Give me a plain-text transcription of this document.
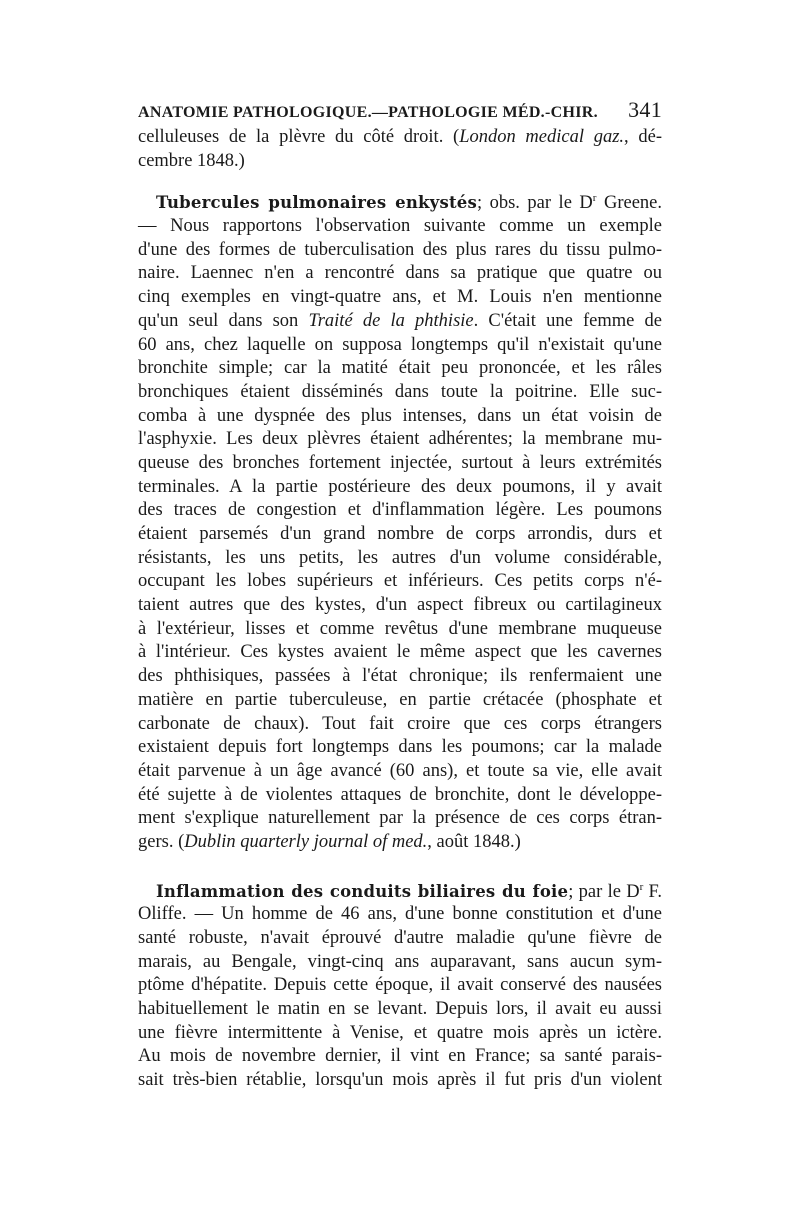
ANATOMIE PATHOLOGIQUE.—PATHOLOGIE MÉD.-CHIR. 341
celluleuses de la plèvre du côté droit. (London medical gaz., dé-
cembre 1848.)
Tubercules pulmonaires enkystés; obs. par le $D^r$ Greene.
— Nous rapportons l'observation suivante comme un exemple
d'une des formes de tuberculisation des plus rares du tissu pulmo-
naire. Laennec n'en a rencontré dans sa pratique que quatre ou
cinq exemples en vingt-quatre ans, et M. Louis n'en mentionne
qu'un seul dans son Traité de la phthisie. C'était une femme de
60 ans, chez laquelle on supposa longtemps qu'il n'existait qu'une
bronchite simple; car la matité était peu prononcée, et les râles
bronchiques étaient disséminés dans toute la poitrine. Elle suc-
comba à une dyspnée des plus intenses, dans un état voisin de
l'asphyxie. Les deux plèvres étaient adhérentes; la membrane mu-
queuse des bronches fortement injectée, surtout à leurs extrémités
terminales. A la partie postérieure des deux poumons, il y avait
des traces de congestion et d'inflammation légère. Les poumons
étaient parsemés d'un grand nombre de corps arrondis, durs et
résistants, les uns petits, les autres d'un volume considérable,
occupant les lobes supérieurs et inférieurs. Ces petits corps n'é-
taient autres que des kystes, d'un aspect fibreux ou cartilagineux
à l'extérieur, lisses et comme revêtus d'une membrane muqueuse
à l'intérieur. Ces kystes avaient le même aspect que les cavernes
des phthisiques, passées à l'état chronique; ils renfermaient une
matière en partie tuberculeuse, en partie crétacée (phosphate et
carbonate de chaux). Tout fait croire que ces corps étrangers
existaient depuis fort longtemps dans les poumons; car la malade
était parvenue à un âge avancé (60 ans), et toute sa vie, elle avait
été sujette à de violentes attaques de bronchite, dont le développe-
ment s'explique naturellement par la présence de ces corps étran-
gers. (Dublin quarterly journal of med., août 1848.)
Inflammation des conduits biliaires du foie; par le $D^r$ F.
Oliffe. — Un homme de 46 ans, d'une bonne constitution et d'une
santé robuste, n'avait éprouvé d'autre maladie qu'une fièvre de
marais, au Bengale, vingt-cinq ans auparavant, sans aucun sym-
ptôme d'hépatite. Depuis cette époque, il avait conservé des nausées
habituellement le matin en se levant. Depuis lors, il avait eu aussi
une fièvre intermittente à Venise, et quatre mois après un ictère.
Au mois de novembre dernier, il vint en France; sa santé parais-
sait très-bien rétablie, lorsqu'un mois après il fut pris d'un violent
